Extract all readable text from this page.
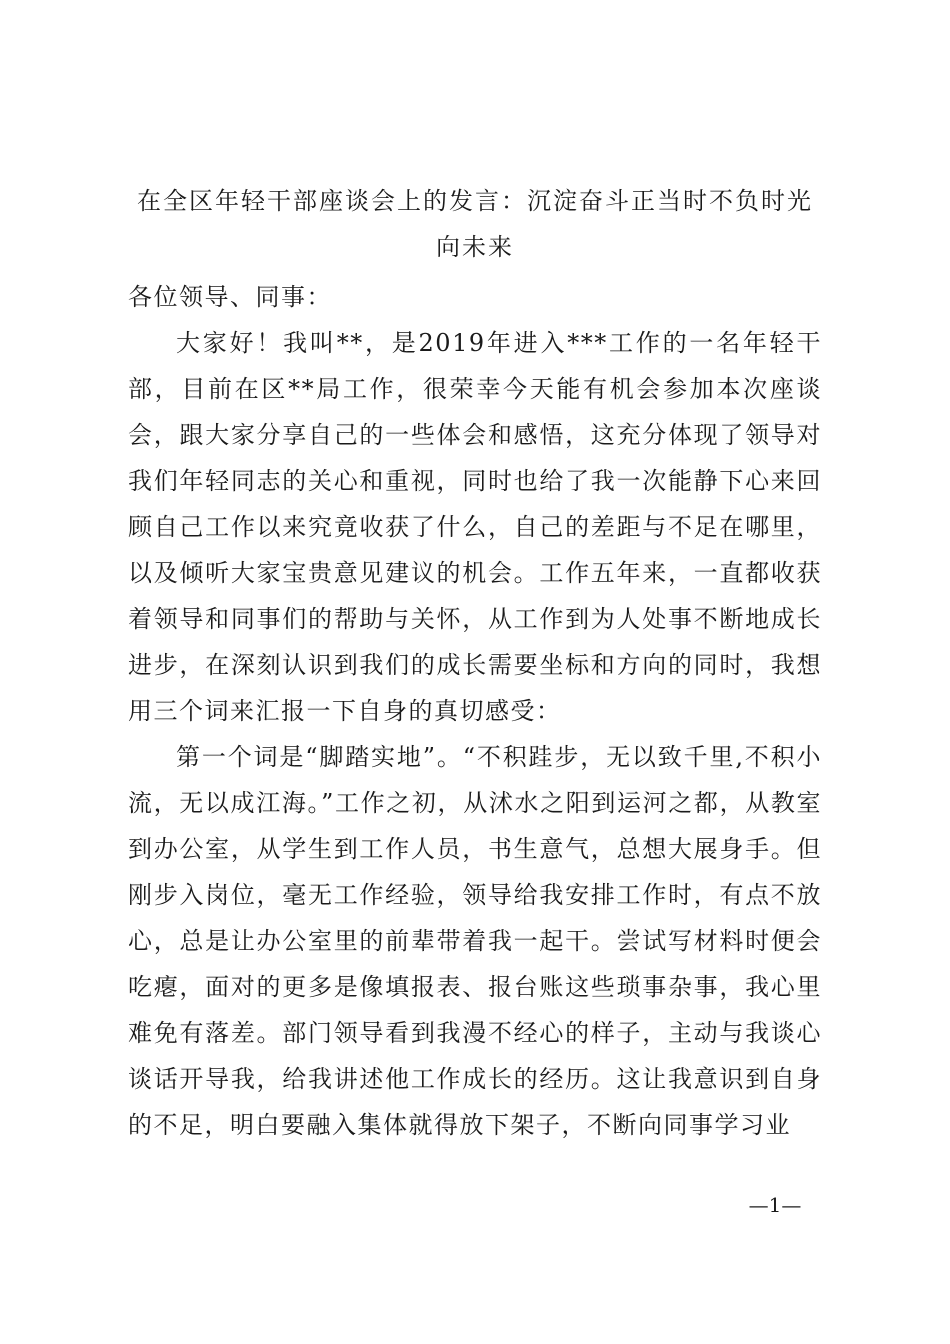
在全区年轻干部座谈会上的发言：沉淀奋斗正当时不负时光向未来

各位领导、同事：

大家好！我叫**，是2019年进入***工作的一名年轻干部，目前在区**局工作，很荣幸今天能有机会参加本次座谈会，跟大家分享自己的一些体会和感悟，这充分体现了领导对我们年轻同志的关心和重视，同时也给了我一次能静下心来回顾自己工作以来究竟收获了什么，自己的差距与不足在哪里，以及倾听大家宝贵意见建议的机会。工作五年来，一直都收获着领导和同事们的帮助与关怀，从工作到为人处事不断地成长进步，在深刻认识到我们的成长需要坐标和方向的同时，我想用三个词来汇报一下自身的真切感受：

第一个词是“脚踏实地”。“不积跬步，无以致千里,不积小流，无以成江海。”工作之初，从沭水之阳到运河之都，从教室到办公室，从学生到工作人员，书生意气，总想大展身手。但刚步入岗位，毫无工作经验，领导给我安排工作时，有点不放心，总是让办公室里的前辈带着我一起干。尝试写材料时便会吃瘪，面对的更多是像填报表、报台账这些琐事杂事，我心里难免有落差。部门领导看到我漫不经心的样子，主动与我谈心谈话开导我，给我讲述他工作成长的经历。这让我意识到自身的不足，明白要融入集体就得放下架子，不断向同事学习业

—1—
